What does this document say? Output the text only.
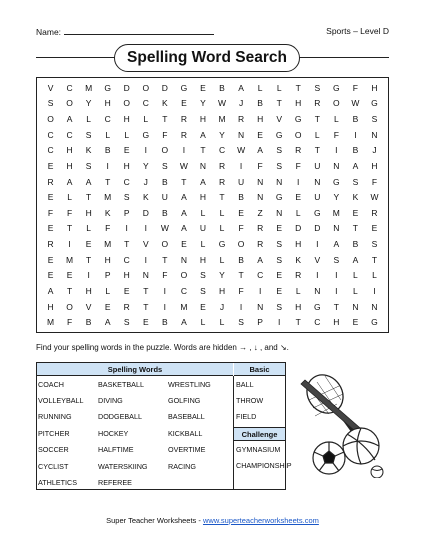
Name:	Sports – Level D
Spelling Word Search
V	C	M	G	D	O	D	G	E	B	A	L	L	T	S	G	F	H
S	O	Y	H	O	C	K	E	Y	W	J	B	T	H	R	O	W	G
O	A	L	C	H	L	T	R	H	M	R	H	V	G	T	L	B	S
C	C	S	L	L	G	F	R	A	Y	N	E	G	O	L	F	I	N
C	H	K	B	E	I	O	I	T	C	W	A	S	R	T	I	B	J
E	H	S	I	H	Y	S	W	N	R	I	F	S	F	U	N	A	H
R	A	A	T	C	J	B	T	A	R	U	N	N	I	N	G	S	F
E	L	T	M	S	K	U	A	H	T	B	N	G	E	U	Y	K	W
F	F	H	K	P	D	B	A	L	L	E	Z	N	L	G	M	E	R
E	T	L	F	I	I	W	A	U	L	F	R	E	D	D	N	T	E
R	I	E	M	T	V	O	E	L	G	O	R	S	H	I	A	B	S
E	M	T	H	C	I	T	N	H	L	B	A	S	K	V	S	A	T
E	E	I	P	H	N	F	O	S	Y	T	C	E	R	I	I	L	L
A	T	H	L	E	T	I	C	S	H	F	I	E	L	N	I	L	I
H	O	V	E	R	T	I	M	E	J	I	N	S	H	G	T	N	N
M	F	B	A	S	E	B	A	L	L	S	P	I	T	C	H	E	G
Find your spelling words in the puzzle. Words are hidden → , ↓ , and ↘.
Spelling Words
COACH	BASKETBALL	WRESTLING
VOLLEYBALL	DIVING	GOLFING
RUNNING	DODGEBALL	BASEBALL
PITCHER	HOCKEY	KICKBALL
SOCCER	HALFTIME	OVERTIME
CYCLIST	WATERSKIING	RACING
ATHLETICS	REFEREE
Basic
BALL
THROW
FIELD
Challenge
GYMNASIUM
CHAMPIONSHIP
Super Teacher Worksheets - www.superteacherworksheets.com
